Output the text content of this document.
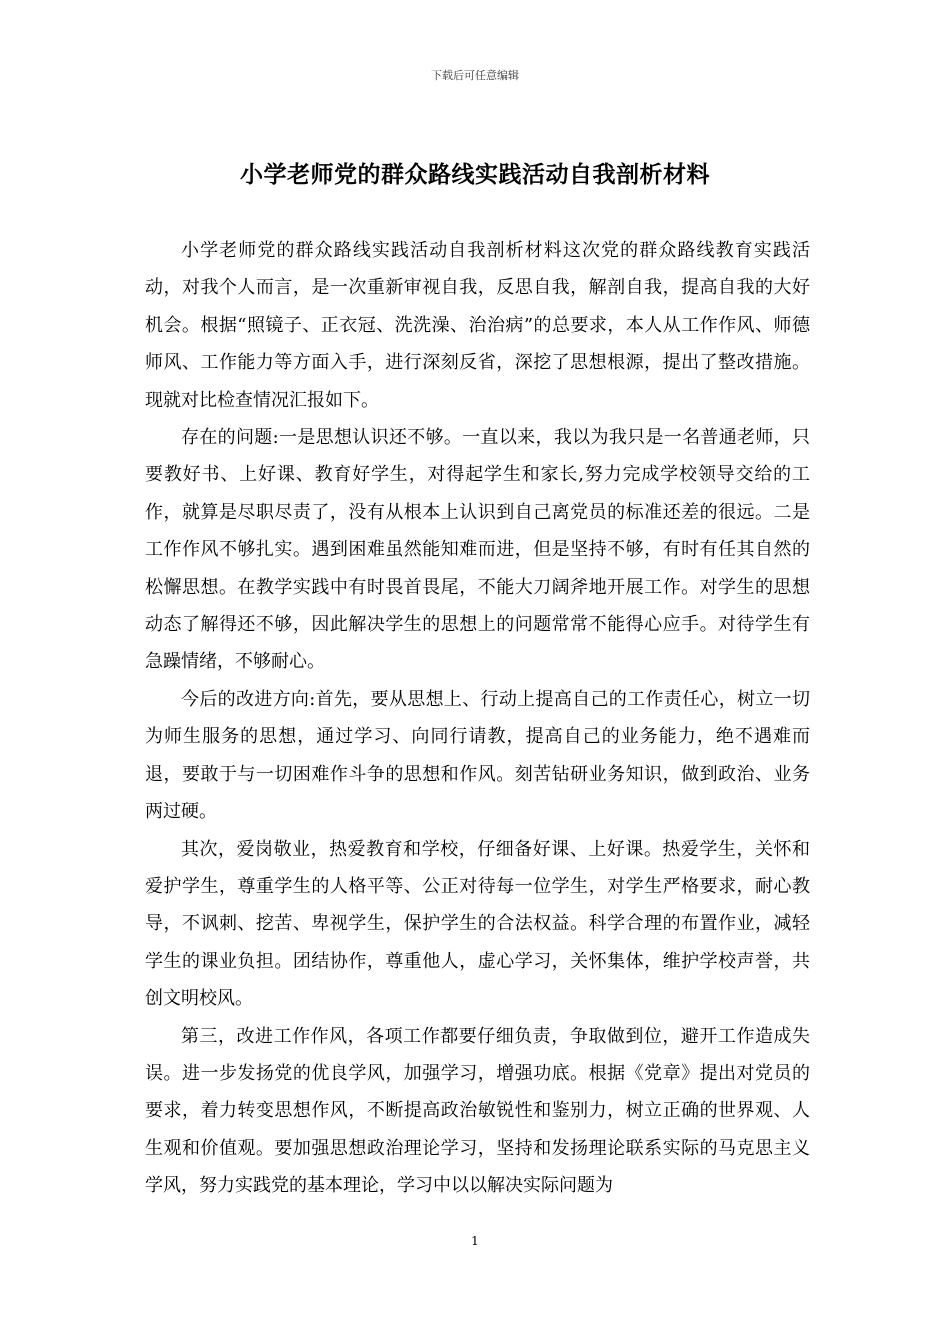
下载后可任意编辑
小学老师党的群众路线实践活动自我剖析材料

小学老师党的群众路线实践活动自我剖析材料这次党的群众路线教育实践活动，对我个人而言，是一次重新审视自我，反思自我，解剖自我，提高自我的大好机会。根据“照镜子、正衣冠、洗洗澡、治治病”的总要求，本人从工作作风、师德师风、工作能力等方面入手，进行深刻反省，深挖了思想根源，提出了整改措施。现就对比检查情况汇报如下。

存在的问题:一是思想认识还不够。一直以来，我以为我只是一名普通老师，只要教好书、上好课、教育好学生，对得起学生和家长,努力完成学校领导交给的工作，就算是尽职尽责了，没有从根本上认识到自己离党员的标准还差的很远。二是工作作风不够扎实。遇到困难虽然能知难而进，但是坚持不够，有时有任其自然的松懈思想。在教学实践中有时畏首畏尾，不能大刀阔斧地开展工作。对学生的思想动态了解得还不够，因此解决学生的思想上的问题常常不能得心应手。对待学生有急躁情绪，不够耐心。

今后的改进方向:首先，要从思想上、行动上提高自己的工作责任心，树立一切为师生服务的思想，通过学习、向同行请教，提高自己的业务能力，绝不遇难而退，要敢于与一切困难作斗争的思想和作风。刻苦钻研业务知识，做到政治、业务两过硬。

其次，爱岗敬业，热爱教育和学校，仔细备好课、上好课。热爱学生，关怀和爱护学生，尊重学生的人格平等、公正对待每一位学生，对学生严格要求，耐心教导，不讽刺、挖苦、卑视学生，保护学生的合法权益。科学合理的布置作业，减轻学生的课业负担。团结协作，尊重他人，虚心学习，关怀集体，维护学校声誉，共创文明校风。

第三，改进工作作风，各项工作都要仔细负责，争取做到位，避开工作造成失误。进一步发扬党的优良学风，加强学习，增强功底。根据《党章》提出对党员的要求，着力转变思想作风，不断提高政治敏锐性和鉴别力，树立正确的世界观、人生观和价值观。要加强思想政治理论学习，坚持和发扬理论联系实际的马克思主义学风，努力实践党的基本理论，学习中以以解决实际问题为

1
